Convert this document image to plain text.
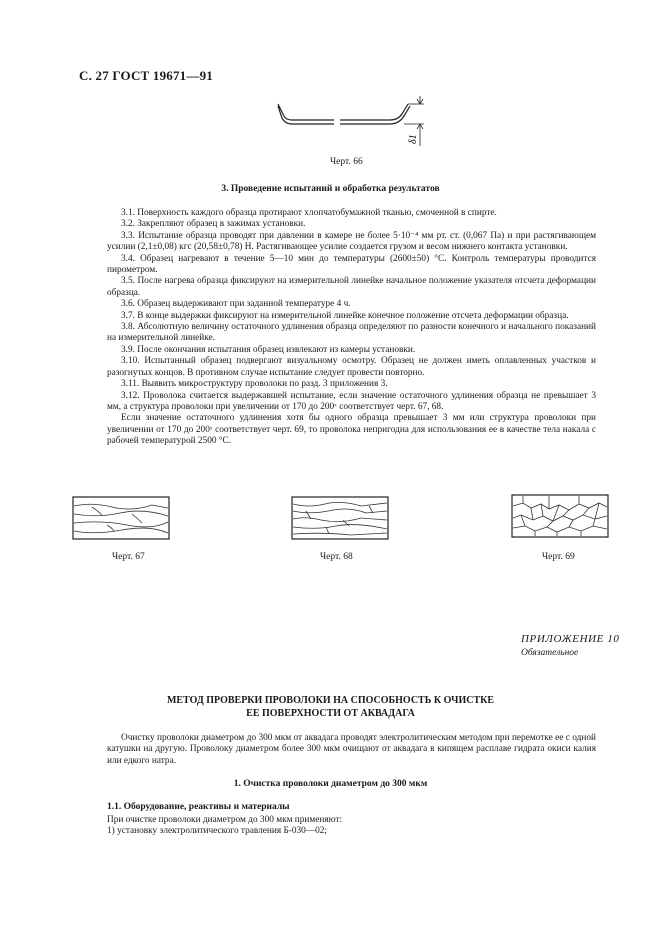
С. 27 ГОСТ 19671—91
δ1
Черт. 66
3. Проведение испытаний и обработка результатов

3.1. Поверхность каждого образца протирают хлопчатобумажной тканью, смоченной в спирте.

3.2. Закрепляют образец в зажимах установки.

3.3. Испытание образца проводят при давлении в камере не более 5·10⁻⁴ мм рт. ст. (0,067 Па) и при растягивающем усилии (2,1±0,08) кгс (20,58±0,78) Н. Растягивающее усилие создается грузом и весом нижнего контакта установки.

3.4. Образец нагревают в течение 5—10 мин до температуры (2600±50) °С. Контроль температуры проводится пирометром.

3.5. После нагрева образца фиксируют на измерительной линейке начальное положение указателя отсчета деформации образца.

3.6. Образец выдерживают при заданной температуре 4 ч.

3.7. В конце выдержки фиксируют на измерительной линейке конечное положение отсчета деформации образца.

3.8. Абсолютную величину остаточного удлинения образца определяют по разности конечного и начального показаний на измерительной линейке.

3.9. После окончания испытания образец извлекают из камеры установки.

3.10. Испытанный образец подвергают визуальному осмотру. Образец не должен иметь оплавленных участков и разогнутых концов. В противном случае испытание следует провести повторно.

3.11. Выявить микроструктуру проволоки по разд. 3 приложения 3.

3.12. Проволока считается выдержавшей испытание, если значение остаточного удлинения образца не превышает 3 мм, а структура проволоки при увеличении от 170 до 200ˣ соответствует черт. 67, 68.

Если значение остаточного удлинения хотя бы одного образца превышает 3 мм или структура проволоки при увеличении от 170 до 200ˣ соответствует черт. 69, то проволока непригодна для использования ее в качестве тела накала с рабочей температурой 2500 °С.

Черт. 67	Черт. 68	Черт. 69
ПРИЛОЖЕНИЕ 10
Обязательное
МЕТОД ПРОВЕРКИ ПРОВОЛОКИ НА СПОСОБНОСТЬ К ОЧИСТКЕ
ЕЕ ПОВЕРХНОСТИ ОТ АКВАДАГА

Очистку проволоки диаметром до 300 мкм от аквадага проводят электролитическим методом при перемотке ее с одной катушки на другую. Проволоку диаметром более 300 мкм очищают от аквадага в кипящем расплаве гидрата окиси калия или едкого натра.

1. Очистка проволоки диаметром до 300 мкм
1.1. Оборудование, реактивы и материалы

При очистке проволоки диаметром до 300 мкм применяют:

1) установку электролитического травления Б-030—02;
